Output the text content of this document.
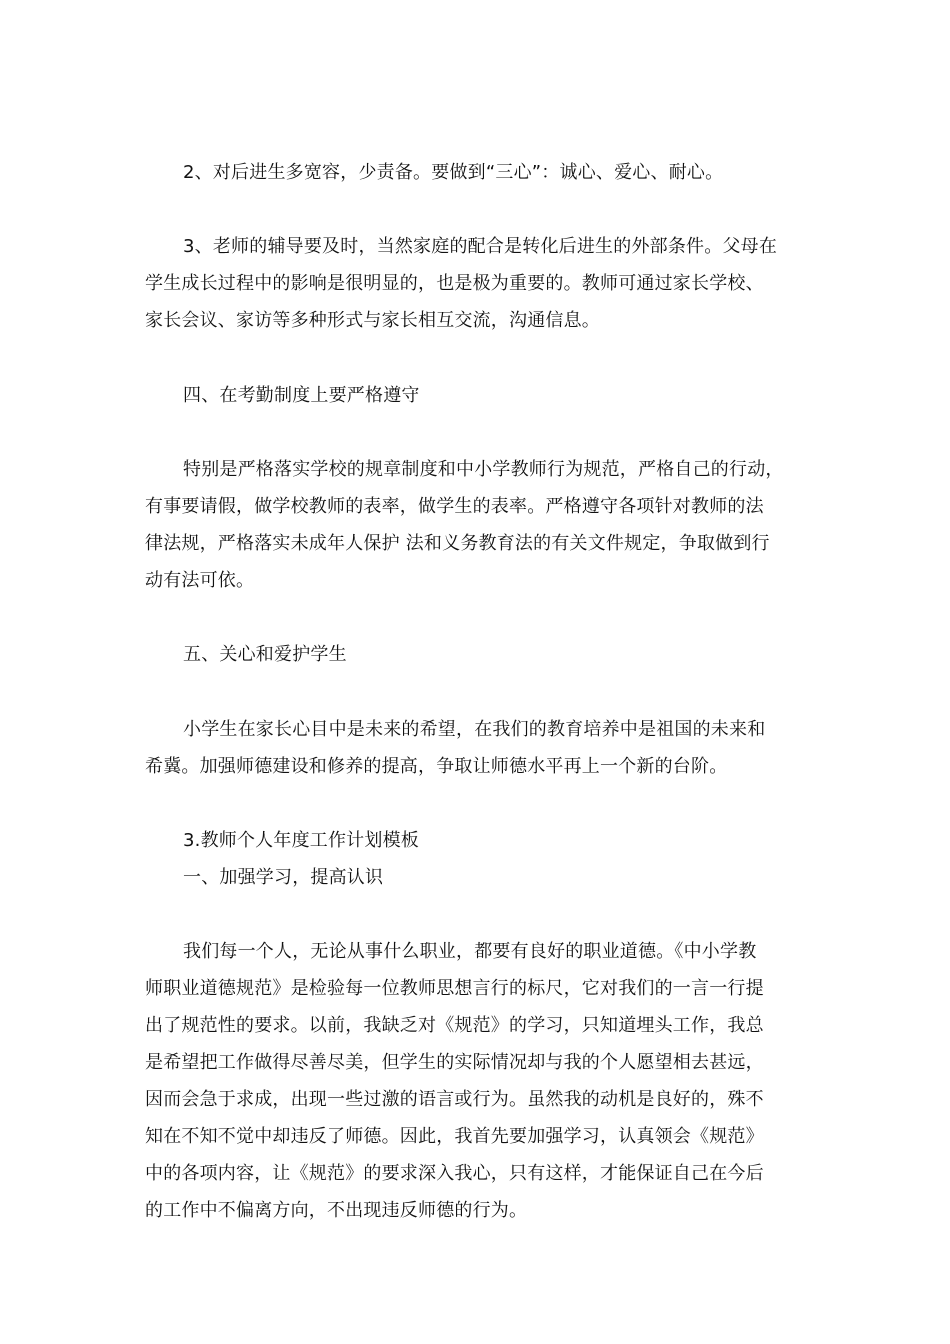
2、对后进生多宽容，少责备。要做到“三心”：诚心、爱心、耐心。
3、老师的辅导要及时，当然家庭的配合是转化后进生的外部条件。父母在
学生成长过程中的影响是很明显的，也是极为重要的。教师可通过家长学校、
家长会议、家访等多种形式与家长相互交流，沟通信息。
四、在考勤制度上要严格遵守
特别是严格落实学校的规章制度和中小学教师行为规范，严格自己的行动，
有事要请假，做学校教师的表率，做学生的表率。严格遵守各项针对教师的法
律法规，严格落实未成年人保护 法和义务教育法的有关文件规定，争取做到行
动有法可依。
五、关心和爱护学生
小学生在家长心目中是未来的希望，在我们的教育培养中是祖国的未来和
希冀。加强师德建设和修养的提高，争取让师德水平再上一个新的台阶。
3.教师个人年度工作计划模板
一、加强学习，提高认识
我们每一个人，无论从事什么职业，都要有良好的职业道德。《中小学教
师职业道德规范》是检验每一位教师思想言行的标尺，它对我们的一言一行提
出了规范性的要求。以前，我缺乏对《规范》的学习，只知道埋头工作，我总
是希望把工作做得尽善尽美，但学生的实际情况却与我的个人愿望相去甚远，
因而会急于求成，出现一些过激的语言或行为。虽然我的动机是良好的，殊不
知在不知不觉中却违反了师德。因此，我首先要加强学习，认真领会《规范》
中的各项内容，让《规范》的要求深入我心，只有这样，才能保证自己在今后
的工作中不偏离方向，不出现违反师德的行为。
